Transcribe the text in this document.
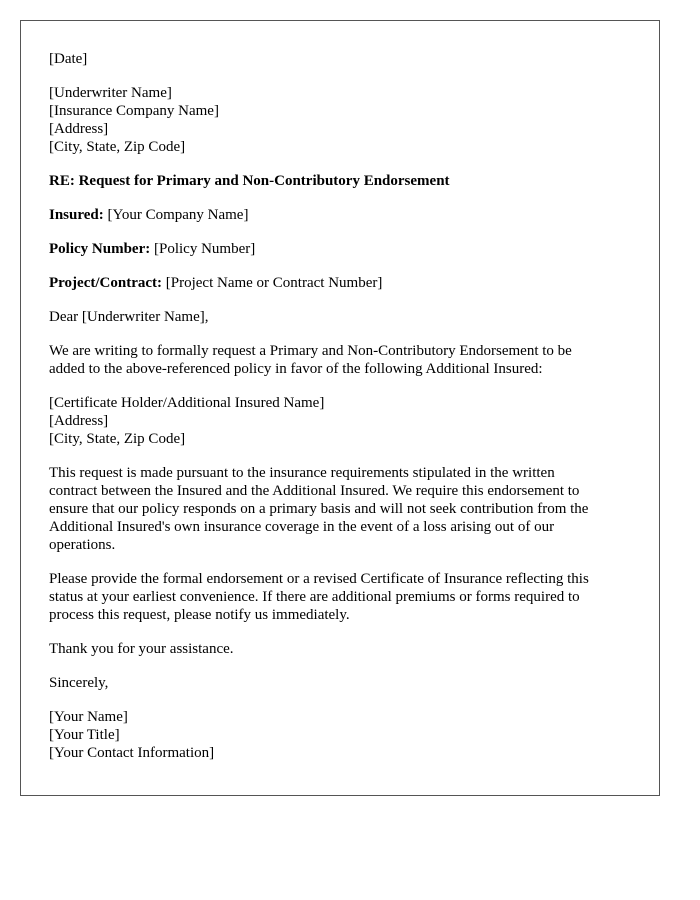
[Date]
[Underwriter Name]
[Insurance Company Name]
[Address]
[City, State, Zip Code]
RE: Request for Primary and Non-Contributory Endorsement
Insured: [Your Company Name]
Policy Number: [Policy Number]
Project/Contract: [Project Name or Contract Number]
Dear [Underwriter Name],
We are writing to formally request a Primary and Non-Contributory Endorsement to be
added to the above-referenced policy in favor of the following Additional Insured:
[Certificate Holder/Additional Insured Name]
[Address]
[City, State, Zip Code]
This request is made pursuant to the insurance requirements stipulated in the written
contract between the Insured and the Additional Insured. We require this endorsement to
ensure that our policy responds on a primary basis and will not seek contribution from the
Additional Insured's own insurance coverage in the event of a loss arising out of our
operations.
Please provide the formal endorsement or a revised Certificate of Insurance reflecting this
status at your earliest convenience. If there are additional premiums or forms required to
process this request, please notify us immediately.
Thank you for your assistance.
Sincerely,
[Your Name]
[Your Title]
[Your Contact Information]
